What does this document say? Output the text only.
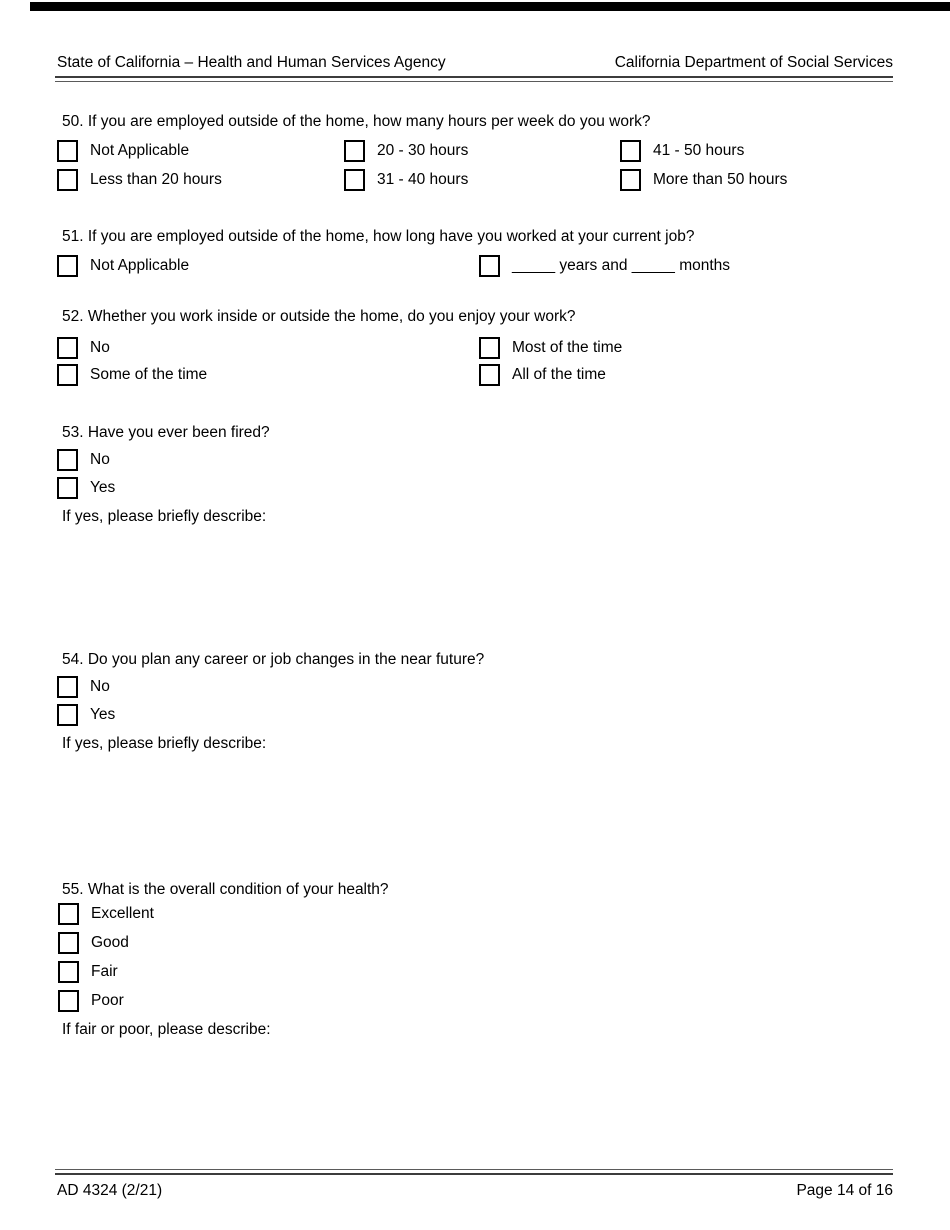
State of California – Health and Human Services Agency	California Department of Social Services
50. If you are employed outside of the home, how many hours per week do you work?
Not Applicable
Less than 20 hours
20 - 30 hours
31 - 40 hours
41 - 50 hours
More than 50 hours
51. If you are employed outside of the home, how long have you worked at your current job?
Not Applicable	_____ years and _____ months
52. Whether you work inside or outside the home, do you enjoy your work?
No
Some of the time
Most of the time
All of the time
53. Have you ever been fired?
No
Yes
If yes, please briefly describe:
54. Do you plan any career or job changes in the near future?
No
Yes
If yes, please briefly describe:
55. What is the overall condition of your health?
Excellent
Good
Fair
Poor
If fair or poor, please describe:
AD 4324 (2/21)	Page 14 of 16
